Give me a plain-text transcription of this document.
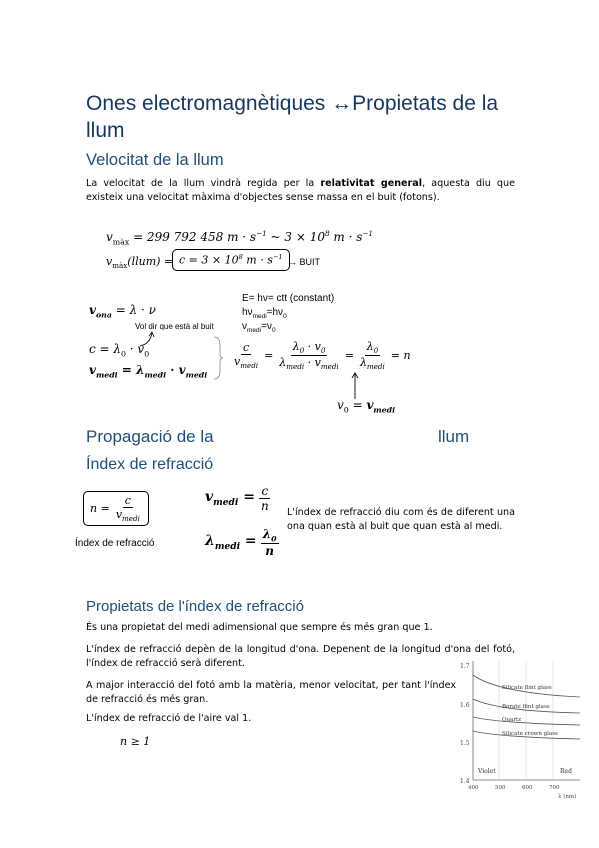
Ones electromagnètiques ↔Propietats de la llum
Velocitat de la llum
La velocitat de la llum vindrà regida per la relativitat general, aquesta diu que existeix una velocitat màxima d'objectes sense massa en el buit (fotons).
$v_{màx} = 299$ 792 458 $m \cdot s^{-1}$ ~ $3 \times 10^8$ $m \cdot s^{-1}$
$v_{màx}(llum) = c = 3 \times 10^8$ $m \cdot s^{-1}$ → BUIT
$v_{ona} = \lambda \cdot \nu$
Vol dir que està al buit
$c = \lambda_0 \cdot v_0$
$v_{medi} = \lambda_{medi} \cdot v_{medi}$
E= hν= ctt (constant)
$h\nu_{medi}=h\nu_0$
$\nu_{medi}=\nu_0$
$\frac{c}{v_{medi}} = \frac{\lambda_0 \cdot v_0}{\lambda_{medi} \cdot v_{medi}} = \frac{\lambda_0}{\lambda_{medi}} = n$
$v_0 = v_{medi}$
Propagació de la	llum
Índex de refracció
$n = \frac{c}{v_{medi}}$
Índex de refracció
$v_{medi} = \frac{c}{n}$
$\lambda_{medi} = \frac{\lambda_0}{n}$
L'índex de refracció diu com és de diferent una ona quan està al buit que quan està al medi.
Propietats de l'índex de refracció
És una propietat del medi adimensional que sempre és més gran que 1.
L'índex de refracció depèn de la longitud d'ona. Depenent de la longitud d'ona del fotó, l'índex de refracció serà diferent.
A major interacció del fotó amb la matèria, menor velocitat, per tant l'índex de refracció és més gran.
L'índex de refracció de l'aire val 1.
n ≥ 1
1.7
1.6
1.5
1.4
Silicate flint glass
Borate flint glass
Quartz
Silicate crown glass
Violet	Red
400	500	600	700
λ (nm)
